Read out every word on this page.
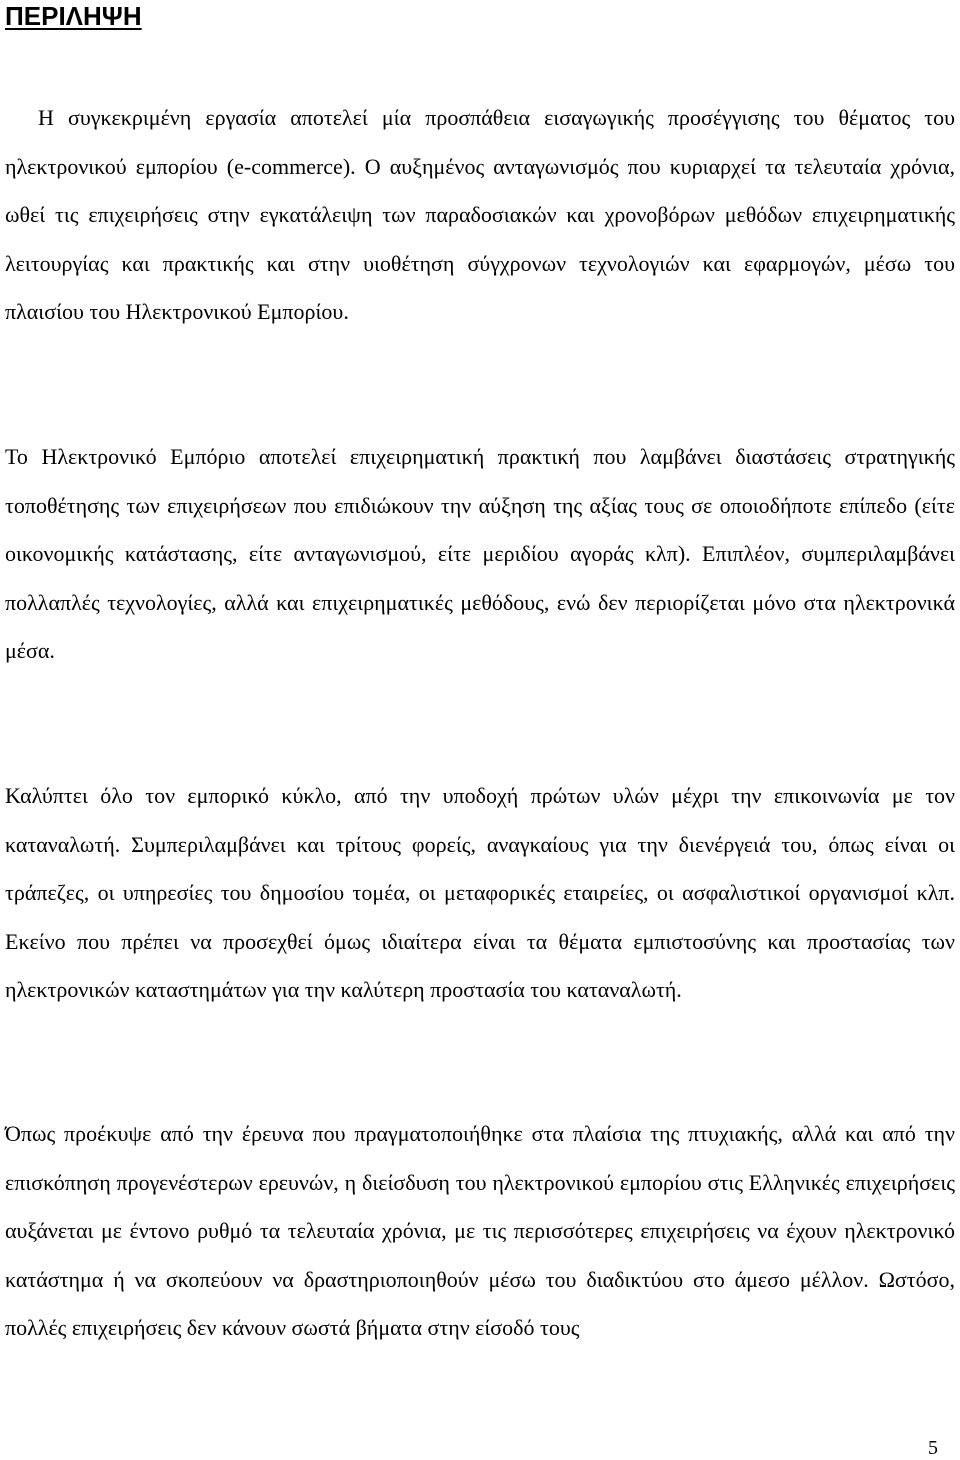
ΠΕΡΙΛΗΨΗ

Η συγκεκριμένη εργασία αποτελεί μία προσπάθεια εισαγωγικής προσέγγισης του θέματος του ηλεκτρονικού εμπορίου (e-commerce). Ο αυξημένος ανταγωνισμός που κυριαρχεί τα τελευταία χρόνια, ωθεί τις επιχειρήσεις στην εγκατάλειψη των παραδοσιακών και χρονοβόρων μεθόδων επιχειρηματικής λειτουργίας και πρακτικής και στην υιοθέτηση σύγχρονων τεχνολογιών και εφαρμογών, μέσω του πλαισίου του Ηλεκτρονικού Εμπορίου.

Το Ηλεκτρονικό Εμπόριο αποτελεί επιχειρηματική πρακτική που λαμβάνει διαστάσεις στρατηγικής τοποθέτησης των επιχειρήσεων που επιδιώκουν την αύξηση της αξίας τους σε οποιοδήποτε επίπεδο (είτε οικονομικής κατάστασης, είτε ανταγωνισμού, είτε μεριδίου αγοράς κλπ). Επιπλέον, συμπεριλαμβάνει πολλαπλές τεχνολογίες, αλλά και επιχειρηματικές μεθόδους, ενώ δεν περιορίζεται μόνο στα ηλεκτρονικά μέσα.

Καλύπτει όλο τον εμπορικό κύκλο, από την υποδοχή πρώτων υλών μέχρι την επικοινωνία με τον καταναλωτή. Συμπεριλαμβάνει και τρίτους φορείς, αναγκαίους για την διενέργειά του, όπως είναι οι τράπεζες, οι υπηρεσίες του δημοσίου τομέα, οι μεταφορικές εταιρείες, οι ασφαλιστικοί οργανισμοί κλπ. Εκείνο που πρέπει να προσεχθεί όμως ιδιαίτερα είναι τα θέματα εμπιστοσύνης και προστασίας των ηλεκτρονικών καταστημάτων για την καλύτερη προστασία του καταναλωτή.

Όπως προέκυψε από την έρευνα που πραγματοποιήθηκε στα πλαίσια της πτυχιακής, αλλά και από την επισκόπηση προγενέστερων ερευνών, η διείσδυση του ηλεκτρονικού εμπορίου στις Ελληνικές επιχειρήσεις αυξάνεται με έντονο ρυθμό τα τελευταία χρόνια, με τις περισσότερες επιχειρήσεις να έχουν ηλεκτρονικό κατάστημα ή να σκοπεύουν να δραστηριοποιηθούν μέσω του διαδικτύου στο άμεσο μέλλον. Ωστόσο, πολλές επιχειρήσεις δεν κάνουν σωστά βήματα στην είσοδό τους

5
